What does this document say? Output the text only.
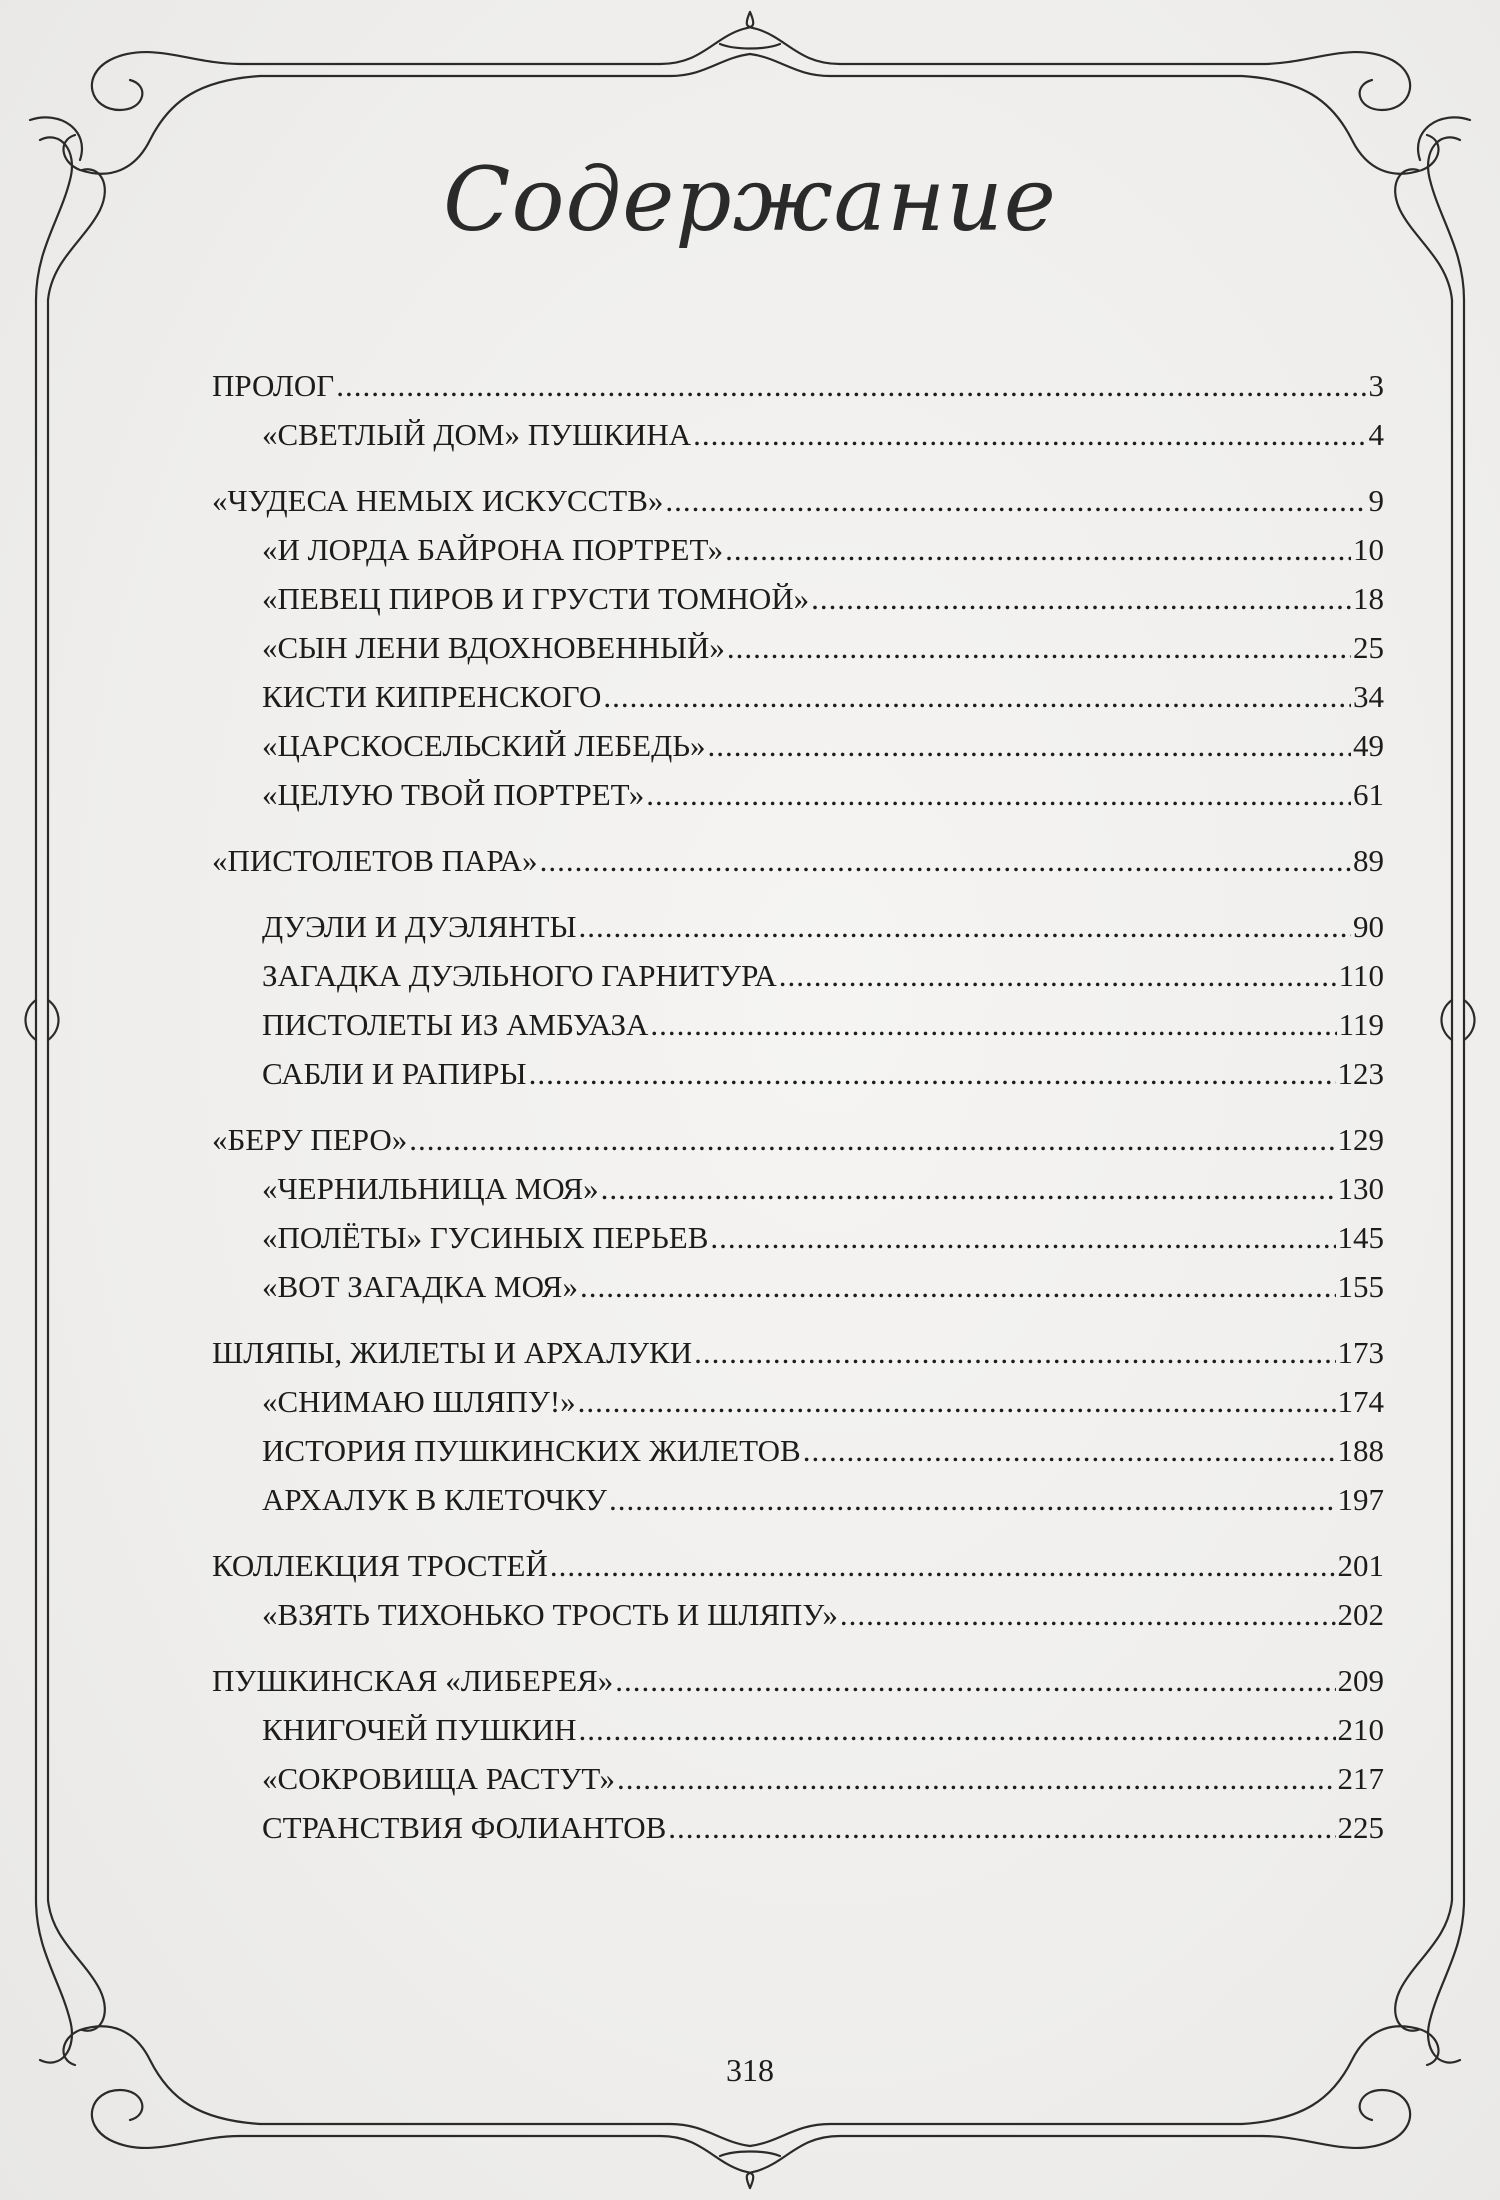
Содержание
ПРОЛОГ .....	3
«СВЕТЛЫЙ ДОМ» ПУШКИНА .....	4
«ЧУДЕСА НЕМЫХ ИСКУССТВ» .....	9
«И ЛОРДА БАЙРОНА ПОРТРЕТ» .....	10
«ПЕВЕЦ ПИРОВ И ГРУСТИ ТОМНОЙ» .....	18
«СЫН ЛЕНИ ВДОХНОВЕННЫЙ» .....	25
КИСТИ КИПРЕНСКОГО .....	34
«ЦАРСКОСЕЛЬСКИЙ ЛЕБЕДЬ» .....	49
«ЦЕЛУЮ ТВОЙ ПОРТРЕТ» .....	61
«ПИСТОЛЕТОВ ПАРА» .....	89
ДУЭЛИ И ДУЭЛЯНТЫ .....	90
ЗАГАДКА ДУЭЛЬНОГО ГАРНИТУРА .....	110
ПИСТОЛЕТЫ ИЗ АМБУАЗА .....	119
САБЛИ И РАПИРЫ .....	123
«БЕРУ ПЕРО» .....	129
«ЧЕРНИЛЬНИЦА МОЯ» .....	130
«ПОЛЁТЫ» ГУСИНЫХ ПЕРЬЕВ .....	145
«ВОТ ЗАГАДКА МОЯ» .....	155
ШЛЯПЫ, ЖИЛЕТЫ И АРХАЛУКИ .....	173
«СНИМАЮ ШЛЯПУ!» .....	174
ИСТОРИЯ ПУШКИНСКИХ ЖИЛЕТОВ .....	188
АРХАЛУК В КЛЕТОЧКУ .....	197
КОЛЛЕКЦИЯ ТРОСТЕЙ .....	201
«ВЗЯТЬ ТИХОНЬКО ТРОСТЬ И ШЛЯПУ» .....	202
ПУШКИНСКАЯ «ЛИБЕРЕЯ» .....	209
КНИГОЧЕЙ ПУШКИН .....	210
«СОКРОВИЩА РАСТУТ» .....	217
СТРАНСТВИЯ ФОЛИАНТОВ .....	225
318
